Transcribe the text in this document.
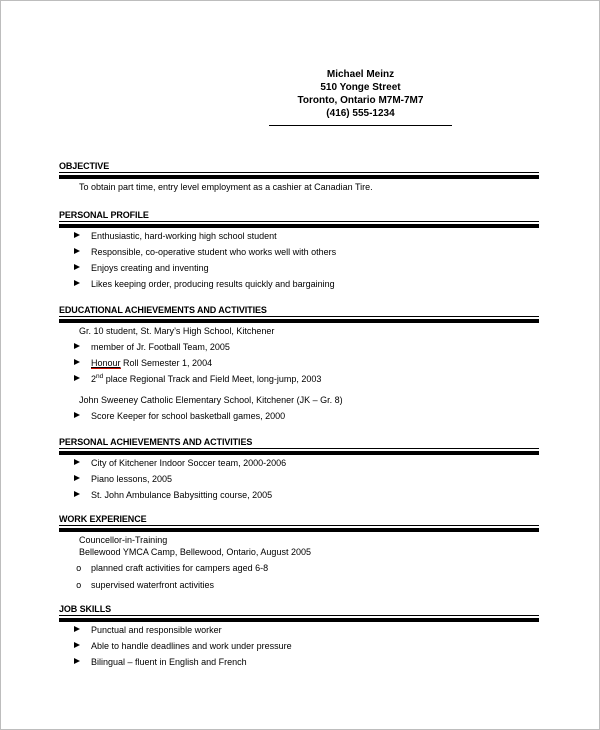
Michael Meinz
510 Yonge Street
Toronto, Ontario M7M-7M7
(416) 555-1234
OBJECTIVE
To obtain part time, entry level employment as a cashier at Canadian Tire.
PERSONAL PROFILE
Enthusiastic, hard-working high school student
Responsible, co-operative student who works well with others
Enjoys creating and inventing
Likes keeping order, producing results quickly and bargaining
EDUCATIONAL ACHIEVEMENTS AND ACTIVITIES
Gr. 10 student, St. Mary’s High School, Kitchener
member of Jr. Football Team, 2005
Honour Roll Semester 1, 2004
2nd place Regional Track and Field Meet, long-jump, 2003
John Sweeney Catholic Elementary School, Kitchener (JK – Gr. 8)
Score Keeper for school basketball games, 2000
PERSONAL ACHIEVEMENTS AND ACTIVITIES
City of Kitchener Indoor Soccer team, 2000-2006
Piano lessons, 2005
St. John Ambulance Babysitting course, 2005
WORK EXPERIENCE
Councellor-in-Training
Bellewood YMCA Camp, Bellewood, Ontario, August 2005
o	planned craft activities for campers aged 6-8
o	supervised waterfront activities
JOB SKILLS
Punctual and responsible worker
Able to handle deadlines and work under pressure
Bilingual – fluent in English and French
